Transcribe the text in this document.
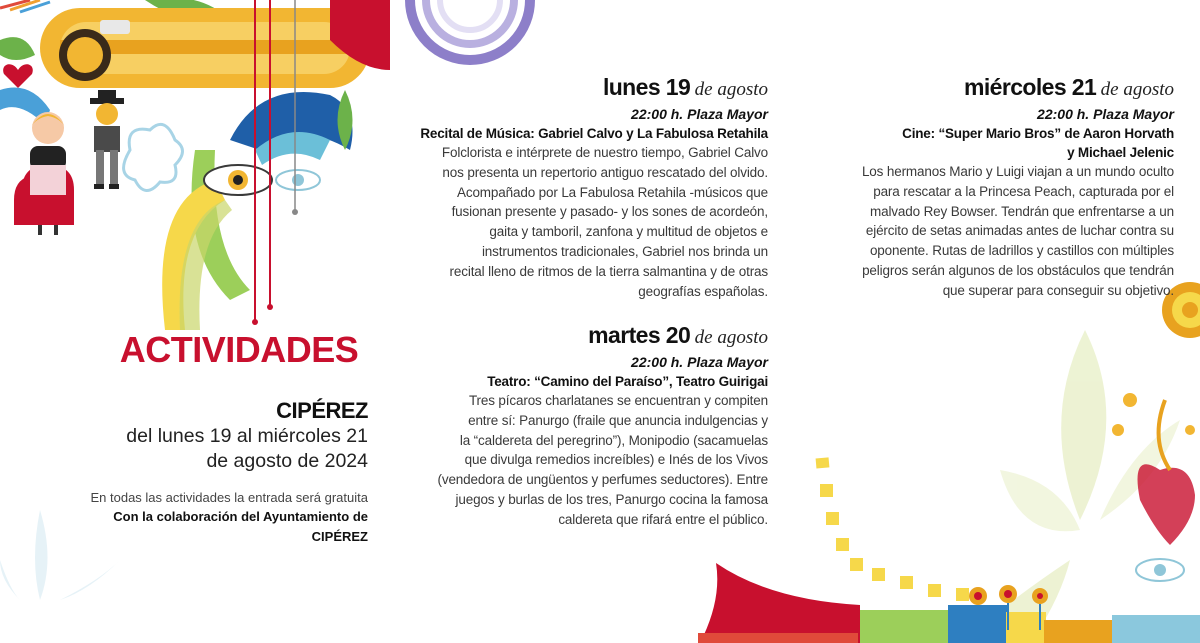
ACTIVIDADES
CIPÉREZ
del lunes 19 al miércoles 21
de agosto de 2024
En todas las actividades la entrada será gratuita
Con la colaboración del Ayuntamiento de
CIPÉREZ
lunes 19 de agosto
22:00 h. Plaza Mayor
Recital de Música: Gabriel Calvo y La Fabulosa Retahila
Folclorista e intérprete de nuestro tiempo, Gabriel Calvo
nos presenta un repertorio antiguo rescatado del olvido.
Acompañado por La Fabulosa Retahila -músicos que
fusionan presente y pasado- y los sones de acordeón,
gaita y tamboril, zanfona y multitud de objetos e
instrumentos tradicionales, Gabriel nos brinda un
recital lleno de ritmos de la tierra salmantina y de otras
geografías españolas.
martes 20 de agosto
22:00 h. Plaza Mayor
Teatro: “Camino del Paraíso”, Teatro Guirigai
Tres pícaros charlatanes se encuentran y compiten
entre sí: Panurgo (fraile que anuncia indulgencias y
la “caldereta del peregrino”), Monipodio (sacamuelas
que divulga remedios increíbles) e Inés de los Vivos
(vendedora de ungüentos y perfumes seductores). Entre
juegos y burlas de los tres, Panurgo cocina la famosa
caldereta que rifará entre el público.
miércoles 21 de agosto
22:00 h. Plaza Mayor
Cine: “Super Mario Bros” de Aaron Horvath
y Michael Jelenic
Los hermanos Mario y Luigi viajan a un mundo oculto
para rescatar a la Princesa Peach, capturada por el
malvado Rey Bowser. Tendrán que enfrentarse a un
ejército de setas animadas antes de luchar contra su
oponente. Rutas de ladrillos y castillos con múltiples
peligros serán algunos de los obstáculos que tendrán
que superar para conseguir su objetivo.
